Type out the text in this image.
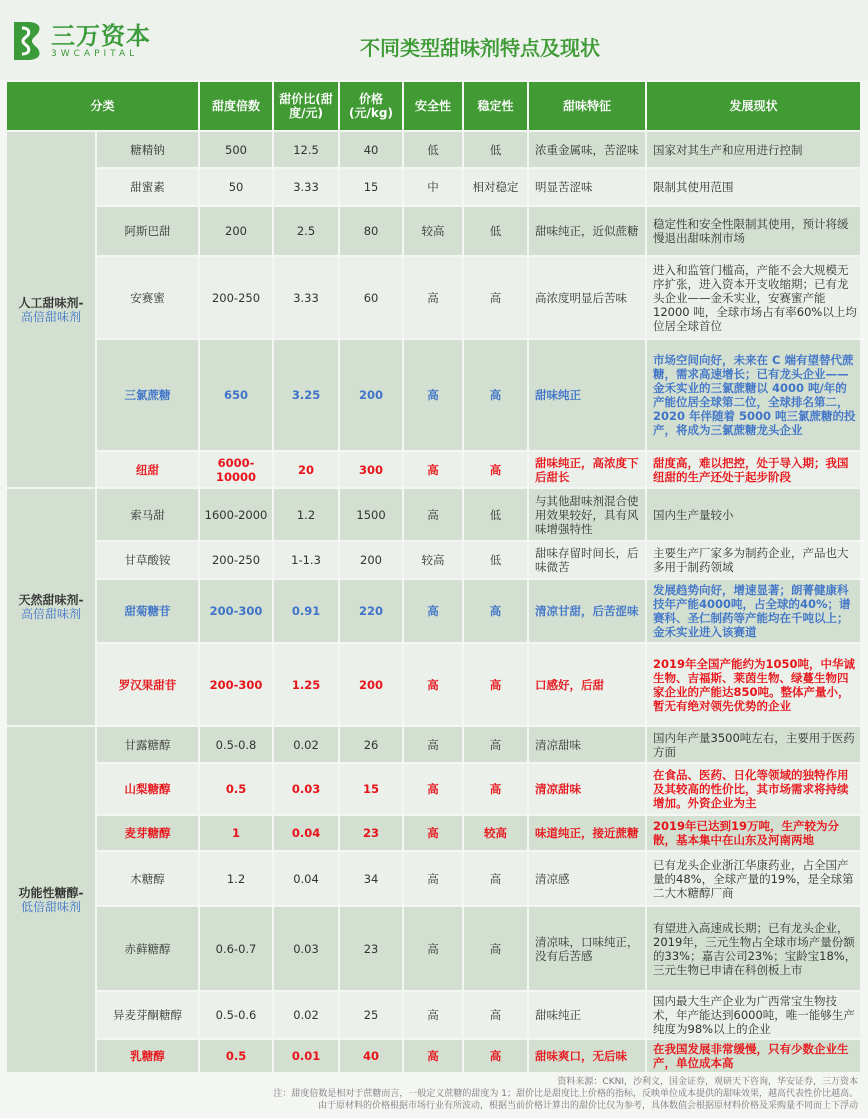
三万资本
3WCAPITAL	不同类型甜味剂特点及现状
分类		甜度倍数	甜价比(甜度/元)	价格(元/kg)	安全性	稳定性	甜味特征	发展现状

人工甜味剂-
高倍甜味剂	糖精钠	500	12.5	40	低	低	浓重金属味，苦涩味	国家对其生产和应用进行控制
	甜蜜素	50	3.33	15	中	相对稳定	明显苦涩味	限制其使用范围
	阿斯巴甜	200	2.5	80	较高	低	甜味纯正，近似蔗糖	稳定性和安全性限制其使用，预计将缓慢退出甜味剂市场
	安赛蜜	200-250	3.33	60	高	高	高浓度明显后苦味	进入和监管门槛高，产能不会大规模无序扩张，进入资本开支收缩期；已有龙头企业——金禾实业，安赛蜜产能 12000 吨，全球市场占有率60%以上均位居全球首位
	三氯蔗糖	650	3.25	200	高	高	甜味纯正	市场空间向好，未来在 C 端有望替代蔗糖，需求高速增长；已有龙头企业——金禾实业的三氯蔗糖以 4000 吨/年的产能位居全球第二位，全球排名第二，2020 年伴随着 5000 吨三氯蔗糖的投产，将成为三氯蔗糖龙头企业
	纽甜	6000-10000	20	300	高	高	甜味纯正，高浓度下后甜长	甜度高，难以把控，处于导入期；我国纽甜的生产还处于起步阶段

天然甜味剂-
高倍甜味剂	索马甜	1600-2000	1.2	1500	高	低	与其他甜味剂混合使用效果较好，具有风味增强特性	国内生产量较小
	甘草酸铵	200-250	1-1.3	200	较高	低	甜味存留时间长，后味微苦	主要生产厂家多为制药企业，产品也大多用于制药领域
	甜菊糖苷	200-300	0.91	220	高	高	清凉甘甜，后苦涩味	发展趋势向好，增速显著；朗菁健康科技年产能4000吨，占全球的40%；谱赛科、圣仁制药等产能均在千吨以上；金禾实业进入该赛道
	罗汉果甜苷	200-300	1.25	200	高	高	口感好，后甜	2019年全国产能约为1050吨，中华诚生物、吉福斯、莱茵生物、绿蔓生物四家企业的产能达850吨。整体产量小，暂无有绝对领先优势的企业

功能性糖醇-
低倍甜味剂	甘露糖醇	0.5-0.8	0.02	26	高	高	清凉甜味	国内年产量3500吨左右，主要用于医药方面
	山梨糖醇	0.5	0.03	15	高	高	清凉甜味	在食品、医药、日化等领域的独特作用及其较高的性价比，其市场需求将持续增加。外资企业为主
	麦芽糖醇	1	0.04	23	高	较高	味道纯正，接近蔗糖	2019年已达到19万吨，生产较为分散，基本集中在山东及河南两地
	木糖醇	1.2	0.04	34	高	高	清凉感	已有龙头企业浙江华康药业，占全国产量的48%，全球产量的19%，是全球第二大木糖醇厂商
	赤藓糖醇	0.6-0.7	0.03	23	高	高	清凉味，口味纯正，没有后苦感	有望进入高速成长期；已有龙头企业，2019年，三元生物占全球市场产量份额的33%；嘉吉公司23%；宝龄宝18%，三元生物已申请在科创板上市
	异麦芽酮糖醇	0.5-0.6	0.02	25	高	高	甜味纯正	国内最大生产企业为广西常宝生物技术，年产能达到6000吨，唯一能够生产纯度为98%以上的企业
	乳糖醇	0.5	0.01	40	高	高	甜味爽口，无后味	在我国发展非常缓慢，只有少数企业生产，单位成本高
资料来源：CKNI，沙利文，国金证券，观研天下咨询，华安证券，三万资本
注：甜度倍数是相对于蔗糖而言，一般定义蔗糖的甜度为 1；甜价比是甜度比上价格的指标，反映单位成本提供的甜味效果，越高代表性价比越高。
由于原材料的价格根据市场行业有所波动，根据当前价格计算出的甜价比仅为参考，具体数值会根据原材料价格及采购量不同而上下浮动
